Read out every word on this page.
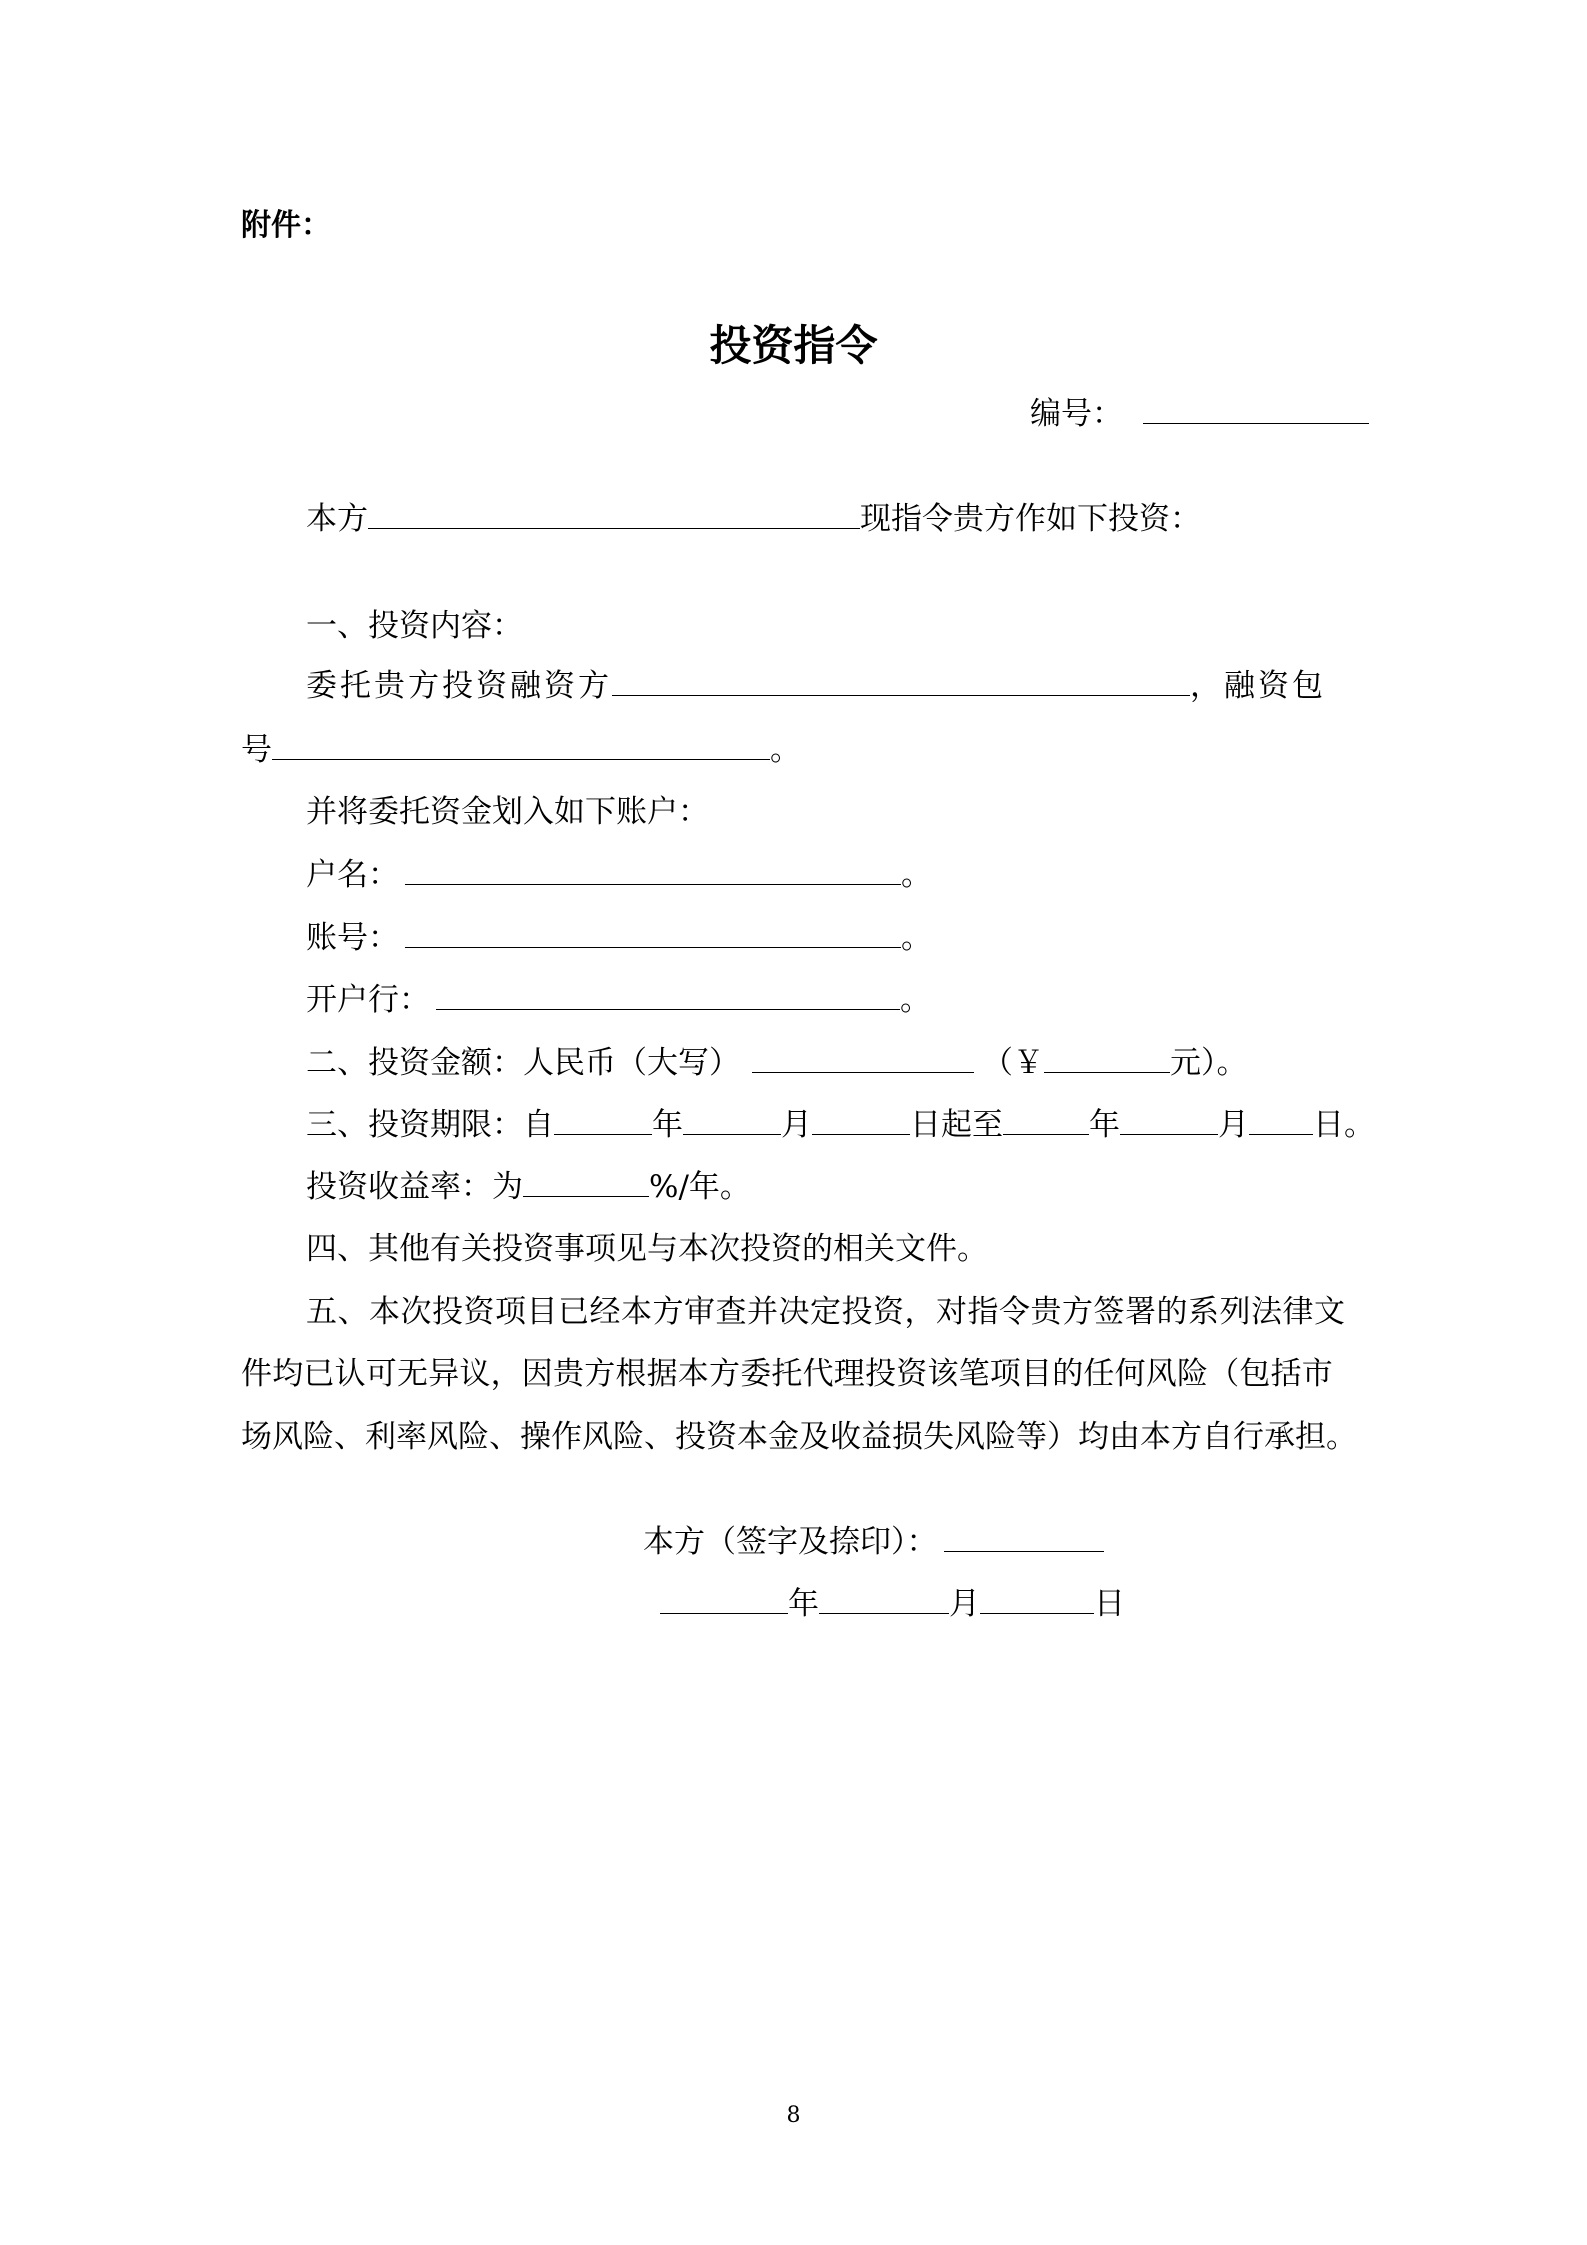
附件：
投资指令
编号：
本方	现指令贵方作如下投资：
一、投资内容：
委托贵方投资融资方	，融资包
号	。
并将委托资金划入如下账户：
户名：	。
账号：	。
开户行：	。
二、投资金额：人民币（大写）	（￥	元）。
三、投资期限：自	年	月	日起至	年	月 日。
投资收益率：为	%/年。
四、其他有关投资事项见与本次投资的相关文件。
五、本次投资项目已经本方审查并决定投资，对指令贵方签署的系列法律文
件均已认可无异议，因贵方根据本方委托代理投资该笔项目的任何风险（包括市
场风险、利率风险、操作风险、投资本金及收益损失风险等）均由本方自行承担。
本方（签字及捺印）：
年	月	日
8
